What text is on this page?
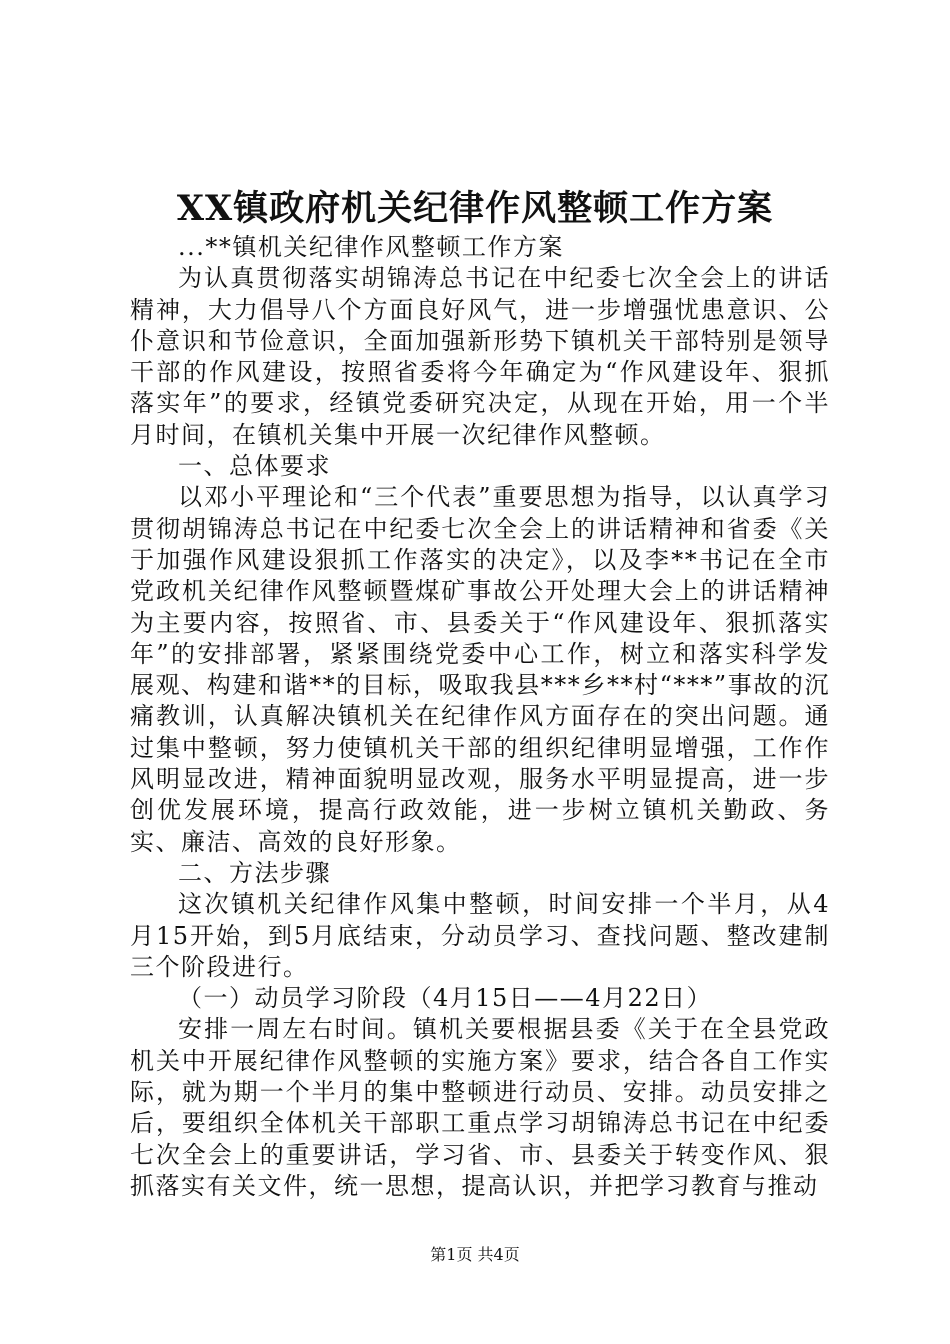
XX镇政府机关纪律作风整顿工作方案

...**镇机关纪律作风整顿工作方案

为认真贯彻落实胡锦涛总书记在中纪委七次全会上的讲话精神，大力倡导八个方面良好风气，进一步增强忧患意识、公仆意识和节俭意识，全面加强新形势下镇机关干部特别是领导干部的作风建设，按照省委将今年确定为“作风建设年、狠抓落实年”的要求，经镇党委研究决定，从现在开始，用一个半月时间，在镇机关集中开展一次纪律作风整顿。

一、总体要求

以邓小平理论和“三个代表”重要思想为指导，以认真学习贯彻胡锦涛总书记在中纪委七次全会上的讲话精神和省委《关于加强作风建设狠抓工作落实的决定》，以及李**书记在全市党政机关纪律作风整顿暨煤矿事故公开处理大会上的讲话精神为主要内容，按照省、市、县委关于“作风建设年、狠抓落实年”的安排部署，紧紧围绕党委中心工作，树立和落实科学发展观、构建和谐**的目标，吸取我县***乡**村“***”事故的沉痛教训，认真解决镇机关在纪律作风方面存在的突出问题。通过集中整顿，努力使镇机关干部的组织纪律明显增强，工作作风明显改进，精神面貌明显改观，服务水平明显提高，进一步创优发展环境，提高行政效能，进一步树立镇机关勤政、务实、廉洁、高效的良好形象。

二、方法步骤

这次镇机关纪律作风集中整顿，时间安排一个半月，从4月15开始，到5月底结束，分动员学习、查找问题、整改建制三个阶段进行。

（一）动员学习阶段（4月15日——4月22日）

安排一周左右时间。镇机关要根据县委《关于在全县党政机关中开展纪律作风整顿的实施方案》要求，结合各自工作实际，就为期一个半月的集中整顿进行动员、安排。动员安排之后，要组织全体机关干部职工重点学习胡锦涛总书记在中纪委七次全会上的重要讲话，学习省、市、县委关于转变作风、狠抓落实有关文件，统一思想，提高认识，并把学习教育与推动

第1页 共4页
